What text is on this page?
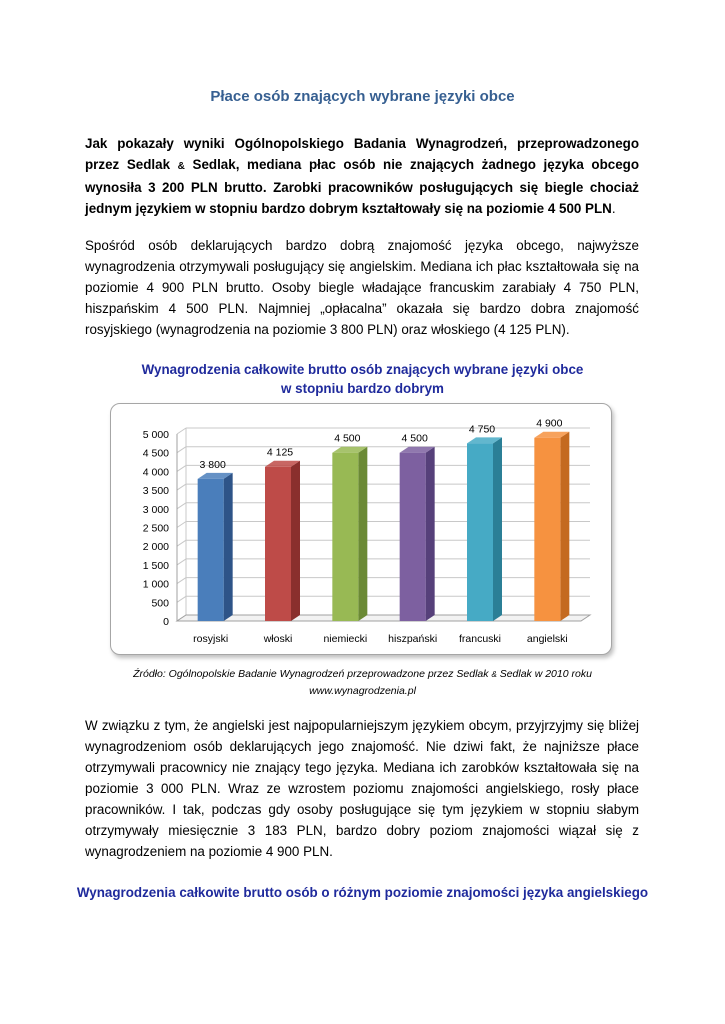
Płace osób znających wybrane języki obce

Jak pokazały wyniki Ogólnopolskiego Badania Wynagrodzeń, przeprowadzonego przez Sedlak & Sedlak, mediana płac osób nie znających żadnego języka obcego wynosiła 3 200 PLN brutto. Zarobki pracowników posługujących się biegle chociaż jednym językiem w stopniu bardzo dobrym kształtowały się na poziomie 4 500 PLN.

Spośród osób deklarujących bardzo dobrą znajomość języka obcego, najwyższe wynagrodzenia otrzymywali posługujący się angielskim. Mediana ich płac kształtowała się na poziomie 4 900 PLN brutto. Osoby biegle władające francuskim zarabiały 4 750 PLN, hiszpańskim 4 500 PLN. Najmniej „opłacalna” okazała się bardzo dobra znajomość rosyjskiego (wynagrodzenia na poziomie 3 800 PLN) oraz włoskiego (4 125 PLN).

Wynagrodzenia całkowite brutto osób znających wybrane języki obce
w stopniu bardzo dobrym
0
500
1 000
1 500
2 000
2 500
3 000
3 500
4 000
4 500
5 000
3 800
rosyjski
4 125
włoski
4 500
niemiecki
4 500
hiszpański
4 750
francuski
4 900
angielski
Źródło: Ogólnopolskie Badanie Wynagrodzeń przeprowadzone przez Sedlak & Sedlak w 2010 roku
www.wynagrodzenia.pl

W związku z tym, że angielski jest najpopularniejszym językiem obcym, przyjrzyjmy się bliżej wynagrodzeniom osób deklarujących jego znajomość. Nie dziwi fakt, że najniższe płace otrzymywali pracownicy nie znający tego języka. Mediana ich zarobków kształtowała się na poziomie 3 000 PLN. Wraz ze wzrostem poziomu znajomości angielskiego, rosły płace pracowników. I tak, podczas gdy osoby posługujące się tym językiem w stopniu słabym otrzymywały miesięcznie 3 183 PLN, bardzo dobry poziom znajomości wiązał się z wynagrodzeniem na poziomie 4 900 PLN.

Wynagrodzenia całkowite brutto osób o różnym poziomie znajomości języka angielskiego
